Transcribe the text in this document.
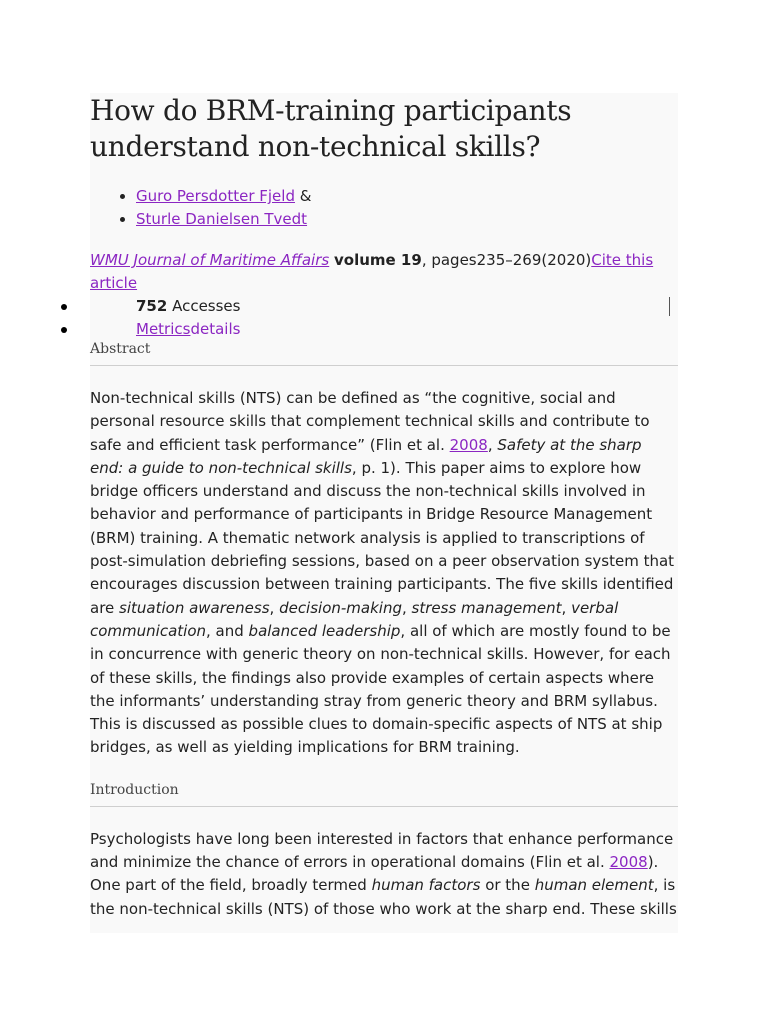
How do BRM-training participants understand non-technical skills?
• Guro Persdotter Fjeld &
• Sturle Danielsen Tvedt
WMU Journal of Maritime Affairs volume 19, pages235–269(2020)Cite this article
752 Accesses
Metricsdetails
Abstract

Non-technical skills (NTS) can be defined as “the cognitive, social and personal resource skills that complement technical skills and contribute to safe and efficient task performance” (Flin et al. 2008, Safety at the sharp end: a guide to non-technical skills, p. 1). This paper aims to explore how bridge officers understand and discuss the non-technical skills involved in behavior and performance of participants in Bridge Resource Management (BRM) training. A thematic network analysis is applied to transcriptions of post-simulation debriefing sessions, based on a peer observation system that encourages discussion between training participants. The five skills identified are situation awareness, decision-making, stress management, verbal communication, and balanced leadership, all of which are mostly found to be in concurrence with generic theory on non-technical skills. However, for each of these skills, the findings also provide examples of certain aspects where the informants’ understanding stray from generic theory and BRM syllabus. This is discussed as possible clues to domain-specific aspects of NTS at ship bridges, as well as yielding implications for BRM training.

Introduction

Psychologists have long been interested in factors that enhance performance and minimize the chance of errors in operational domains (Flin et al. 2008). One part of the field, broadly termed human factors or the human element, is the non-technical skills (NTS) of those who work at the sharp end. These skills
